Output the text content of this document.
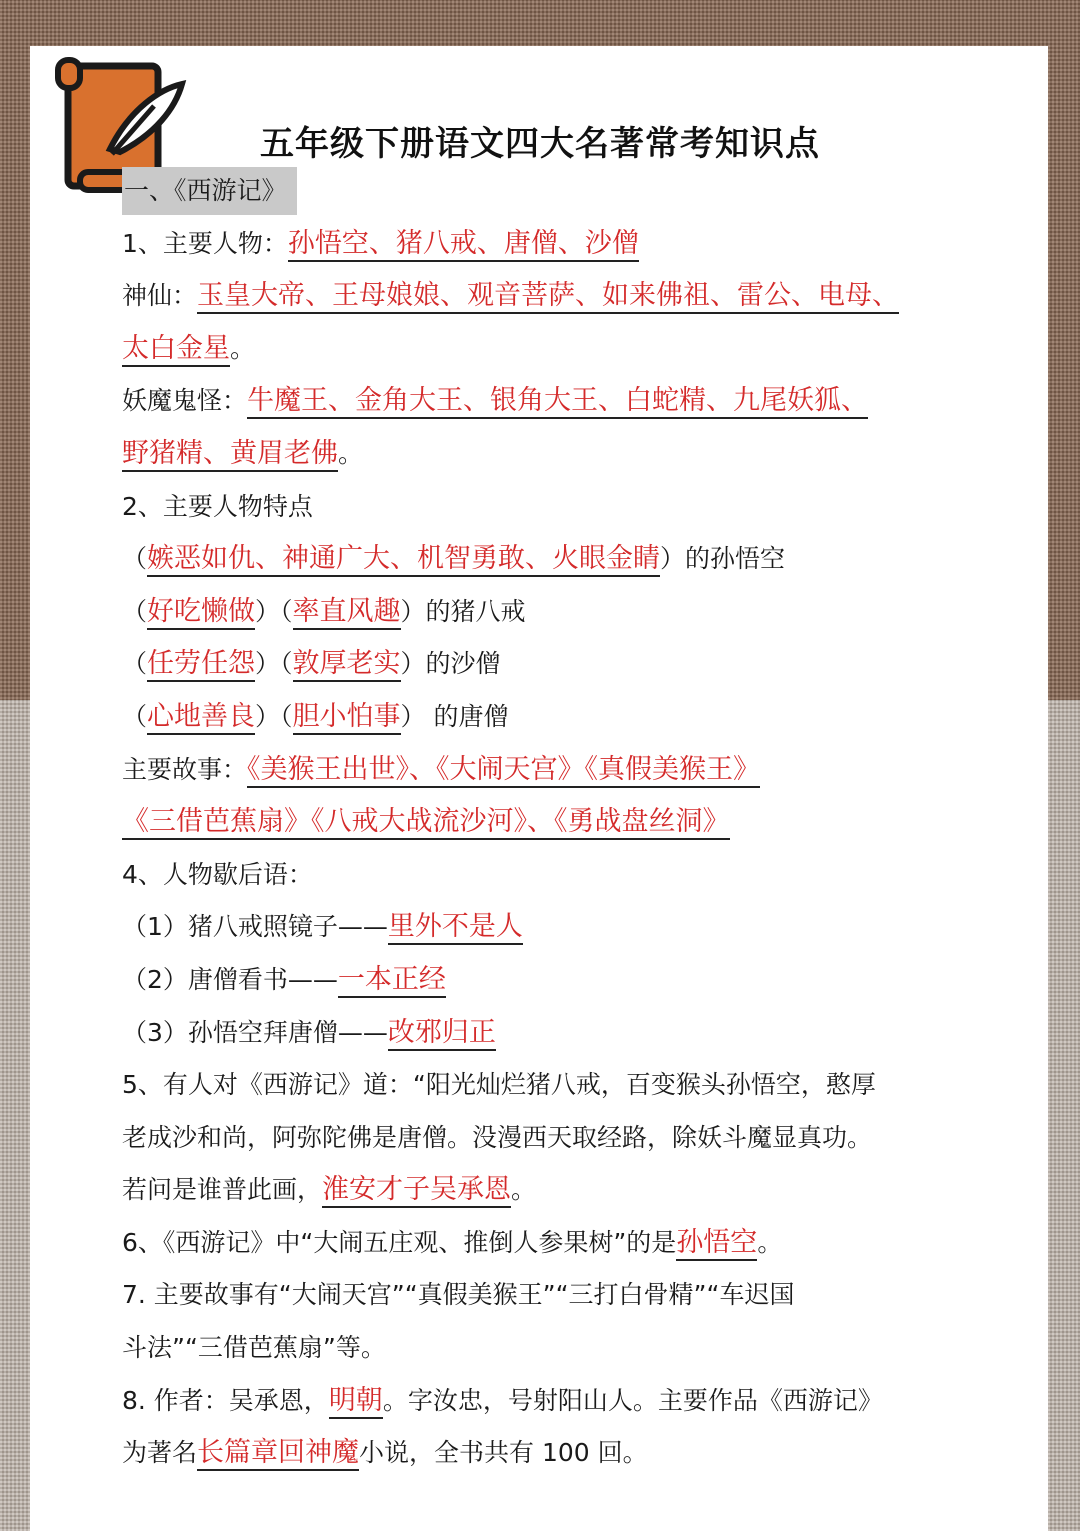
五年级下册语文四大名著常考知识点
一、《西游记》
1、主要人物：孙悟空、猪八戒、唐僧、沙僧
神仙：玉皇大帝、王母娘娘、观音菩萨、如来佛祖、雷公、电母、
太白金星。
妖魔鬼怪：牛魔王、金角大王、银角大王、白蛇精、九尾妖狐、
野猪精、黄眉老佛。
2、主要人物特点
（嫉恶如仇、神通广大、机智勇敢、火眼金睛）的孙悟空
（好吃懒做）（率直风趣）的猪八戒
（任劳任怨）（敦厚老实）的沙僧
（心地善良）（胆小怕事） 的唐僧
主要故事：《美猴王出世》、《大闹天宫》《真假美猴王》
《三借芭蕉扇》《八戒大战流沙河》、《勇战盘丝洞》
4、人物歇后语：
（1）猪八戒照镜子——里外不是人
（2）唐僧看书——一本正经
（3）孙悟空拜唐僧——改邪归正
5、有人对《西游记》道：“阳光灿烂猪八戒，百变猴头孙悟空，憨厚
老成沙和尚，阿弥陀佛是唐僧。没漫西天取经路，除妖斗魔显真功。
若问是谁普此画，淮安才子吴承恩。
6、《西游记》中“大闹五庄观、推倒人参果树”的是孙悟空。
7. 主要故事有“大闹天宫”“真假美猴王”“三打白骨精”“车迟国
斗法”“三借芭蕉扇”等。
8. 作者：吴承恩，明朝。字汝忠，号射阳山人。主要作品《西游记》
为著名长篇章回神魔小说，全书共有 100 回。
